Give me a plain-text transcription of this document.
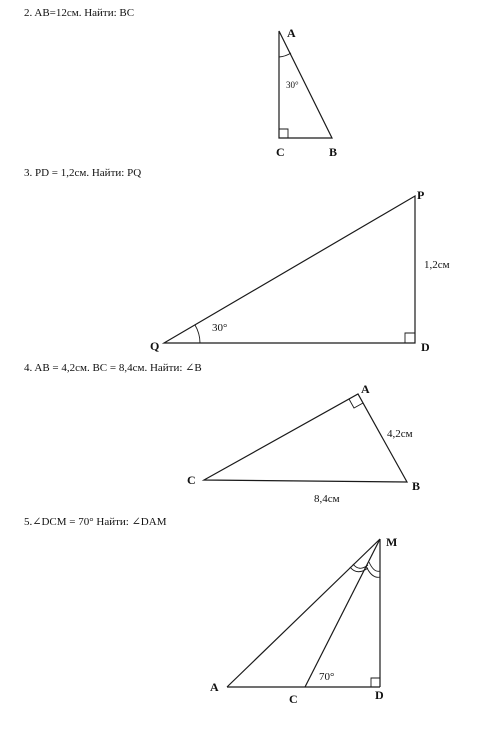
2. AB=12см. Найти: BC
3. PD = 1,2см. Найти: PQ
4. AB = 4,2см. BC = 8,4см. Найти: ∠B
5.∠DCM = 70° Найти: ∠DAM
A
C	B
30°
P
Q	D
30°
1,2см
A
C	B
4,2см
8,4см
M
A
C	D
70°
